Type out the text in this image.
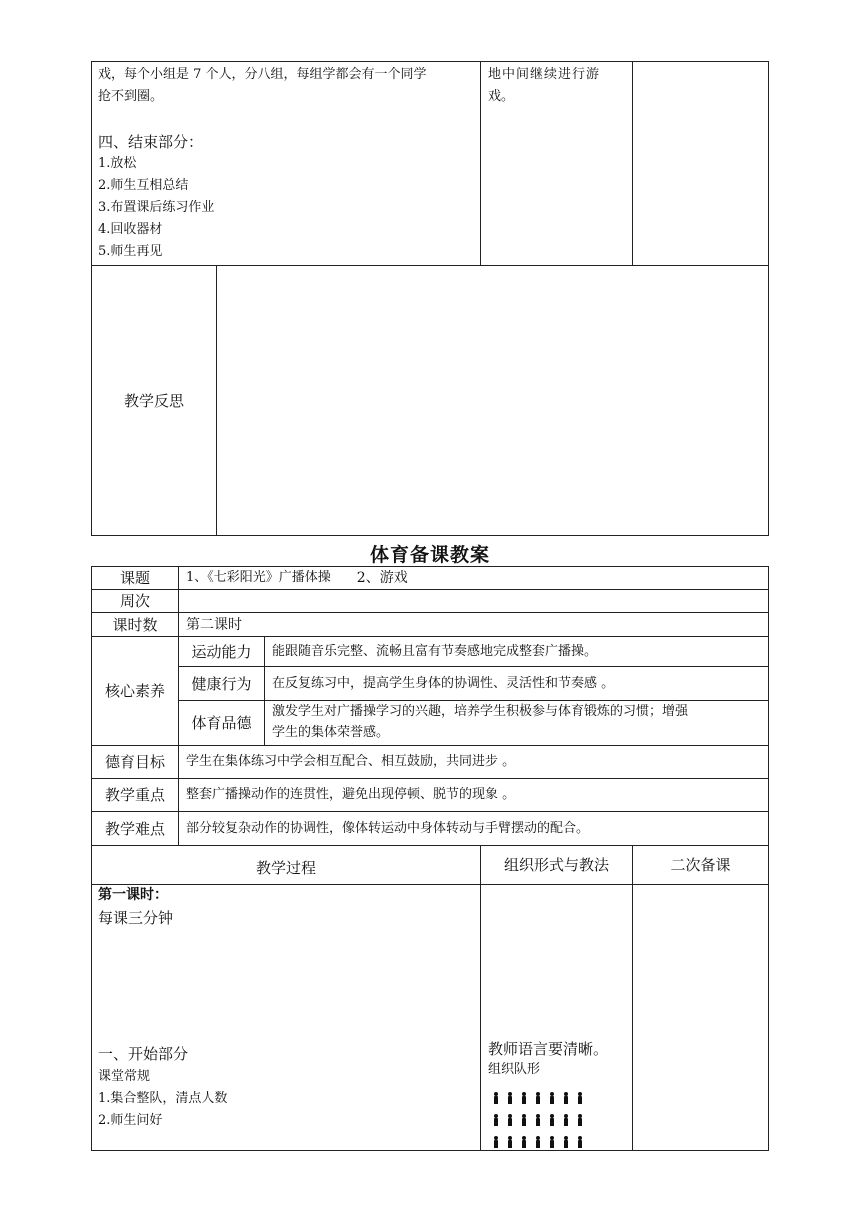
戏，每个小组是 7 个人，分八组，每组学都会有一个同学
抢不到圈。
四、结束部分：
1.放松
2.师生互相总结
3.布置课后练习作业
4.回收器材
5.师生再见
地中间继续进行游
戏。
教学反思
体育备课教案
课题
周次
课时数
核心素养
德育目标
教学重点
教学难点
1、《七彩阳光》广播体操 2、游戏
第二课时
运动能力
健康行为
体育品德
能跟随音乐完整、流畅且富有节奏感地完成整套广播操。
在反复练习中，提高学生身体的协调性、灵活性和节奏感 。
激发学生对广播操学习的兴趣，培养学生积极参与体育锻炼的习惯；增强
学生的集体荣誉感。
学生在集体练习中学会相互配合、相互鼓励，共同进步 。
整套广播操动作的连贯性，避免出现停顿、脱节的现象 。
部分较复杂动作的协调性，像体转运动中身体转动与手臂摆动的配合。
教学过程	组织形式与教法	二次备课
第一课时：
每课三分钟
一、开始部分
课堂常规
1.集合整队，清点人数
2.师生问好
教师语言要清晰。
组织队形
